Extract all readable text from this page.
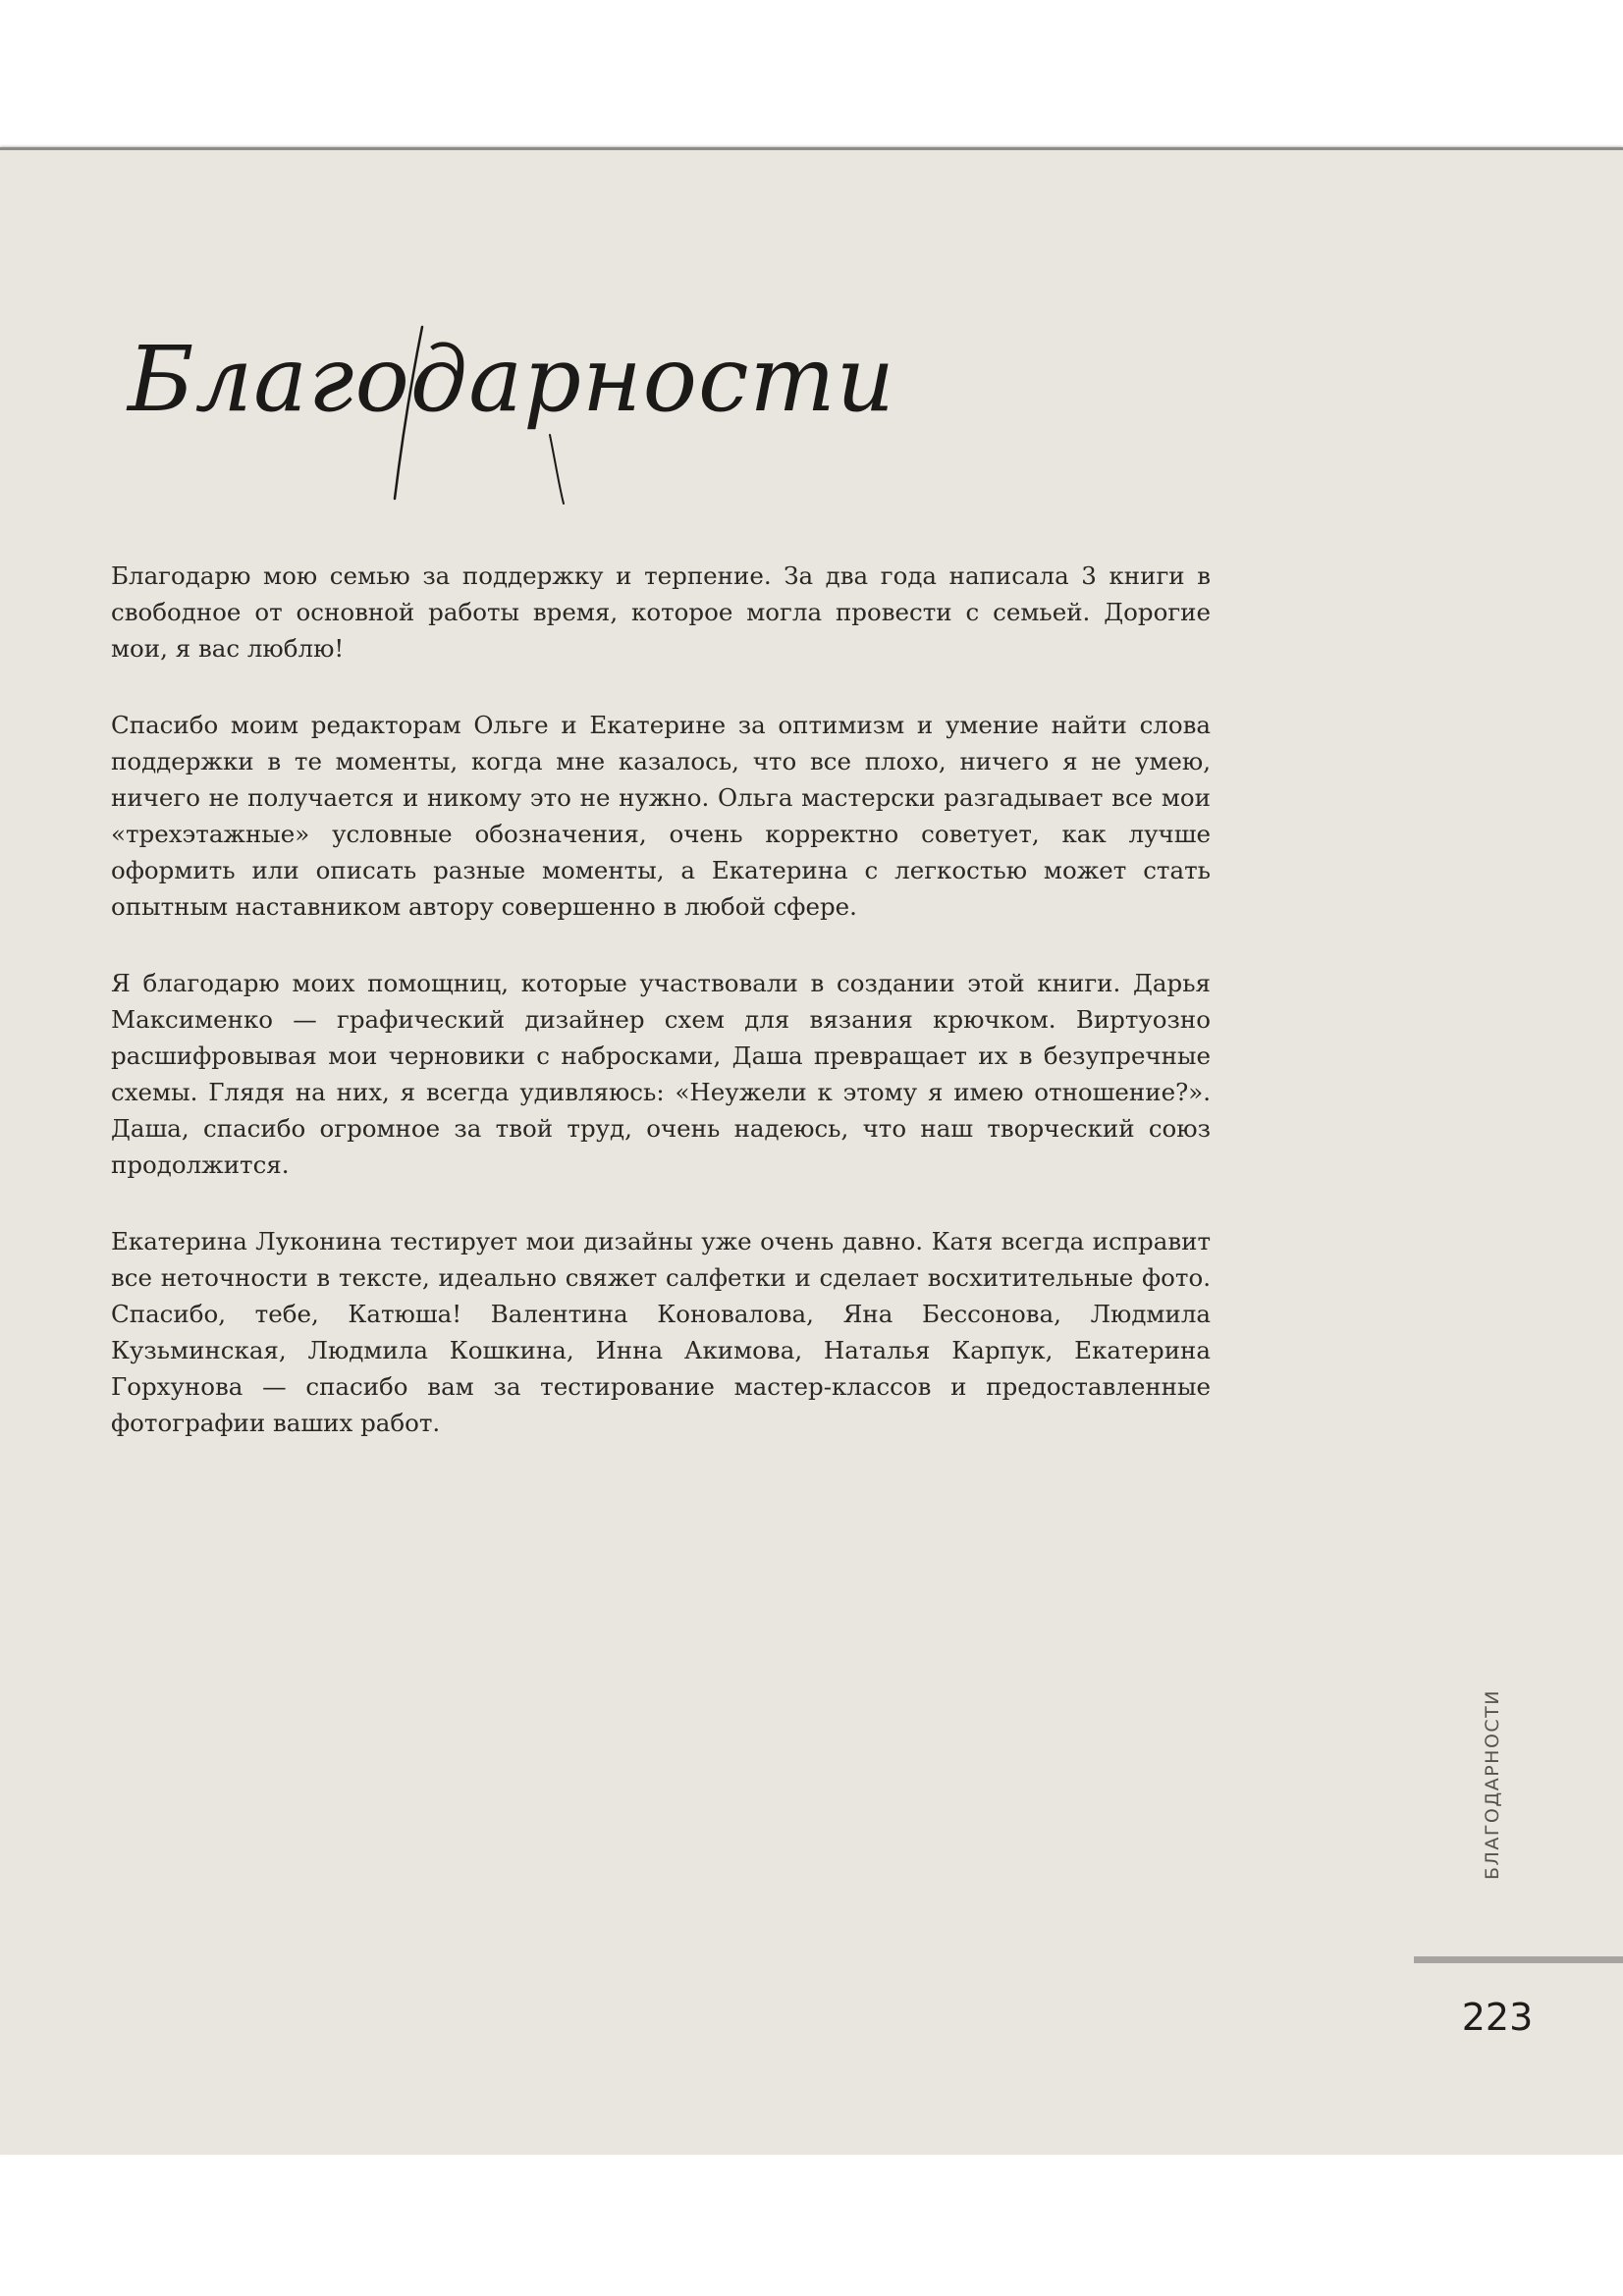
Благодарности

Благодарю мою семью за поддержку и терпение. За два года написала 3 книги в свободное от основной работы время, которое могла провести с семьей. Дорогие мои, я вас люблю!

Спасибо моим редакторам Ольге и Екатерине за оптимизм и умение найти слова поддержки в те моменты, когда мне казалось, что все плохо, ничего я не умею, ничего не получается и никому это не нужно. Ольга мастерски разгадывает все мои «трехэтажные» условные обозначения, очень корректно советует, как лучше оформить или описать разные моменты, а Екатерина с легкостью может стать опытным наставником автору совершенно в любой сфере.

Я благодарю моих помощниц, которые участвовали в создании этой книги. Дарья Максименко — графический дизайнер схем для вязания крючком. Виртуозно расшифровывая мои черновики с набросками, Даша превращает их в безупречные схемы. Глядя на них, я всегда удивляюсь: «Неужели к этому я имею отношение?». Даша, спасибо огромное за твой труд, очень надеюсь, что наш творческий союз продолжится.

Екатерина Луконина тестирует мои дизайны уже очень давно. Катя всегда исправит все неточности в тексте, идеально свяжет салфетки и сделает восхитительные фото. Спасибо, тебе, Катюша! Валентина Коновалова, Яна Бессонова, Людмила Кузьминская, Людмила Кошкина, Инна Акимова, Наталья Карпук, Екатерина Горхунова — спасибо вам за тестирование мастер-классов и предоставленные фотографии ваших работ.

БЛАГОДАРНОСТИ
223
